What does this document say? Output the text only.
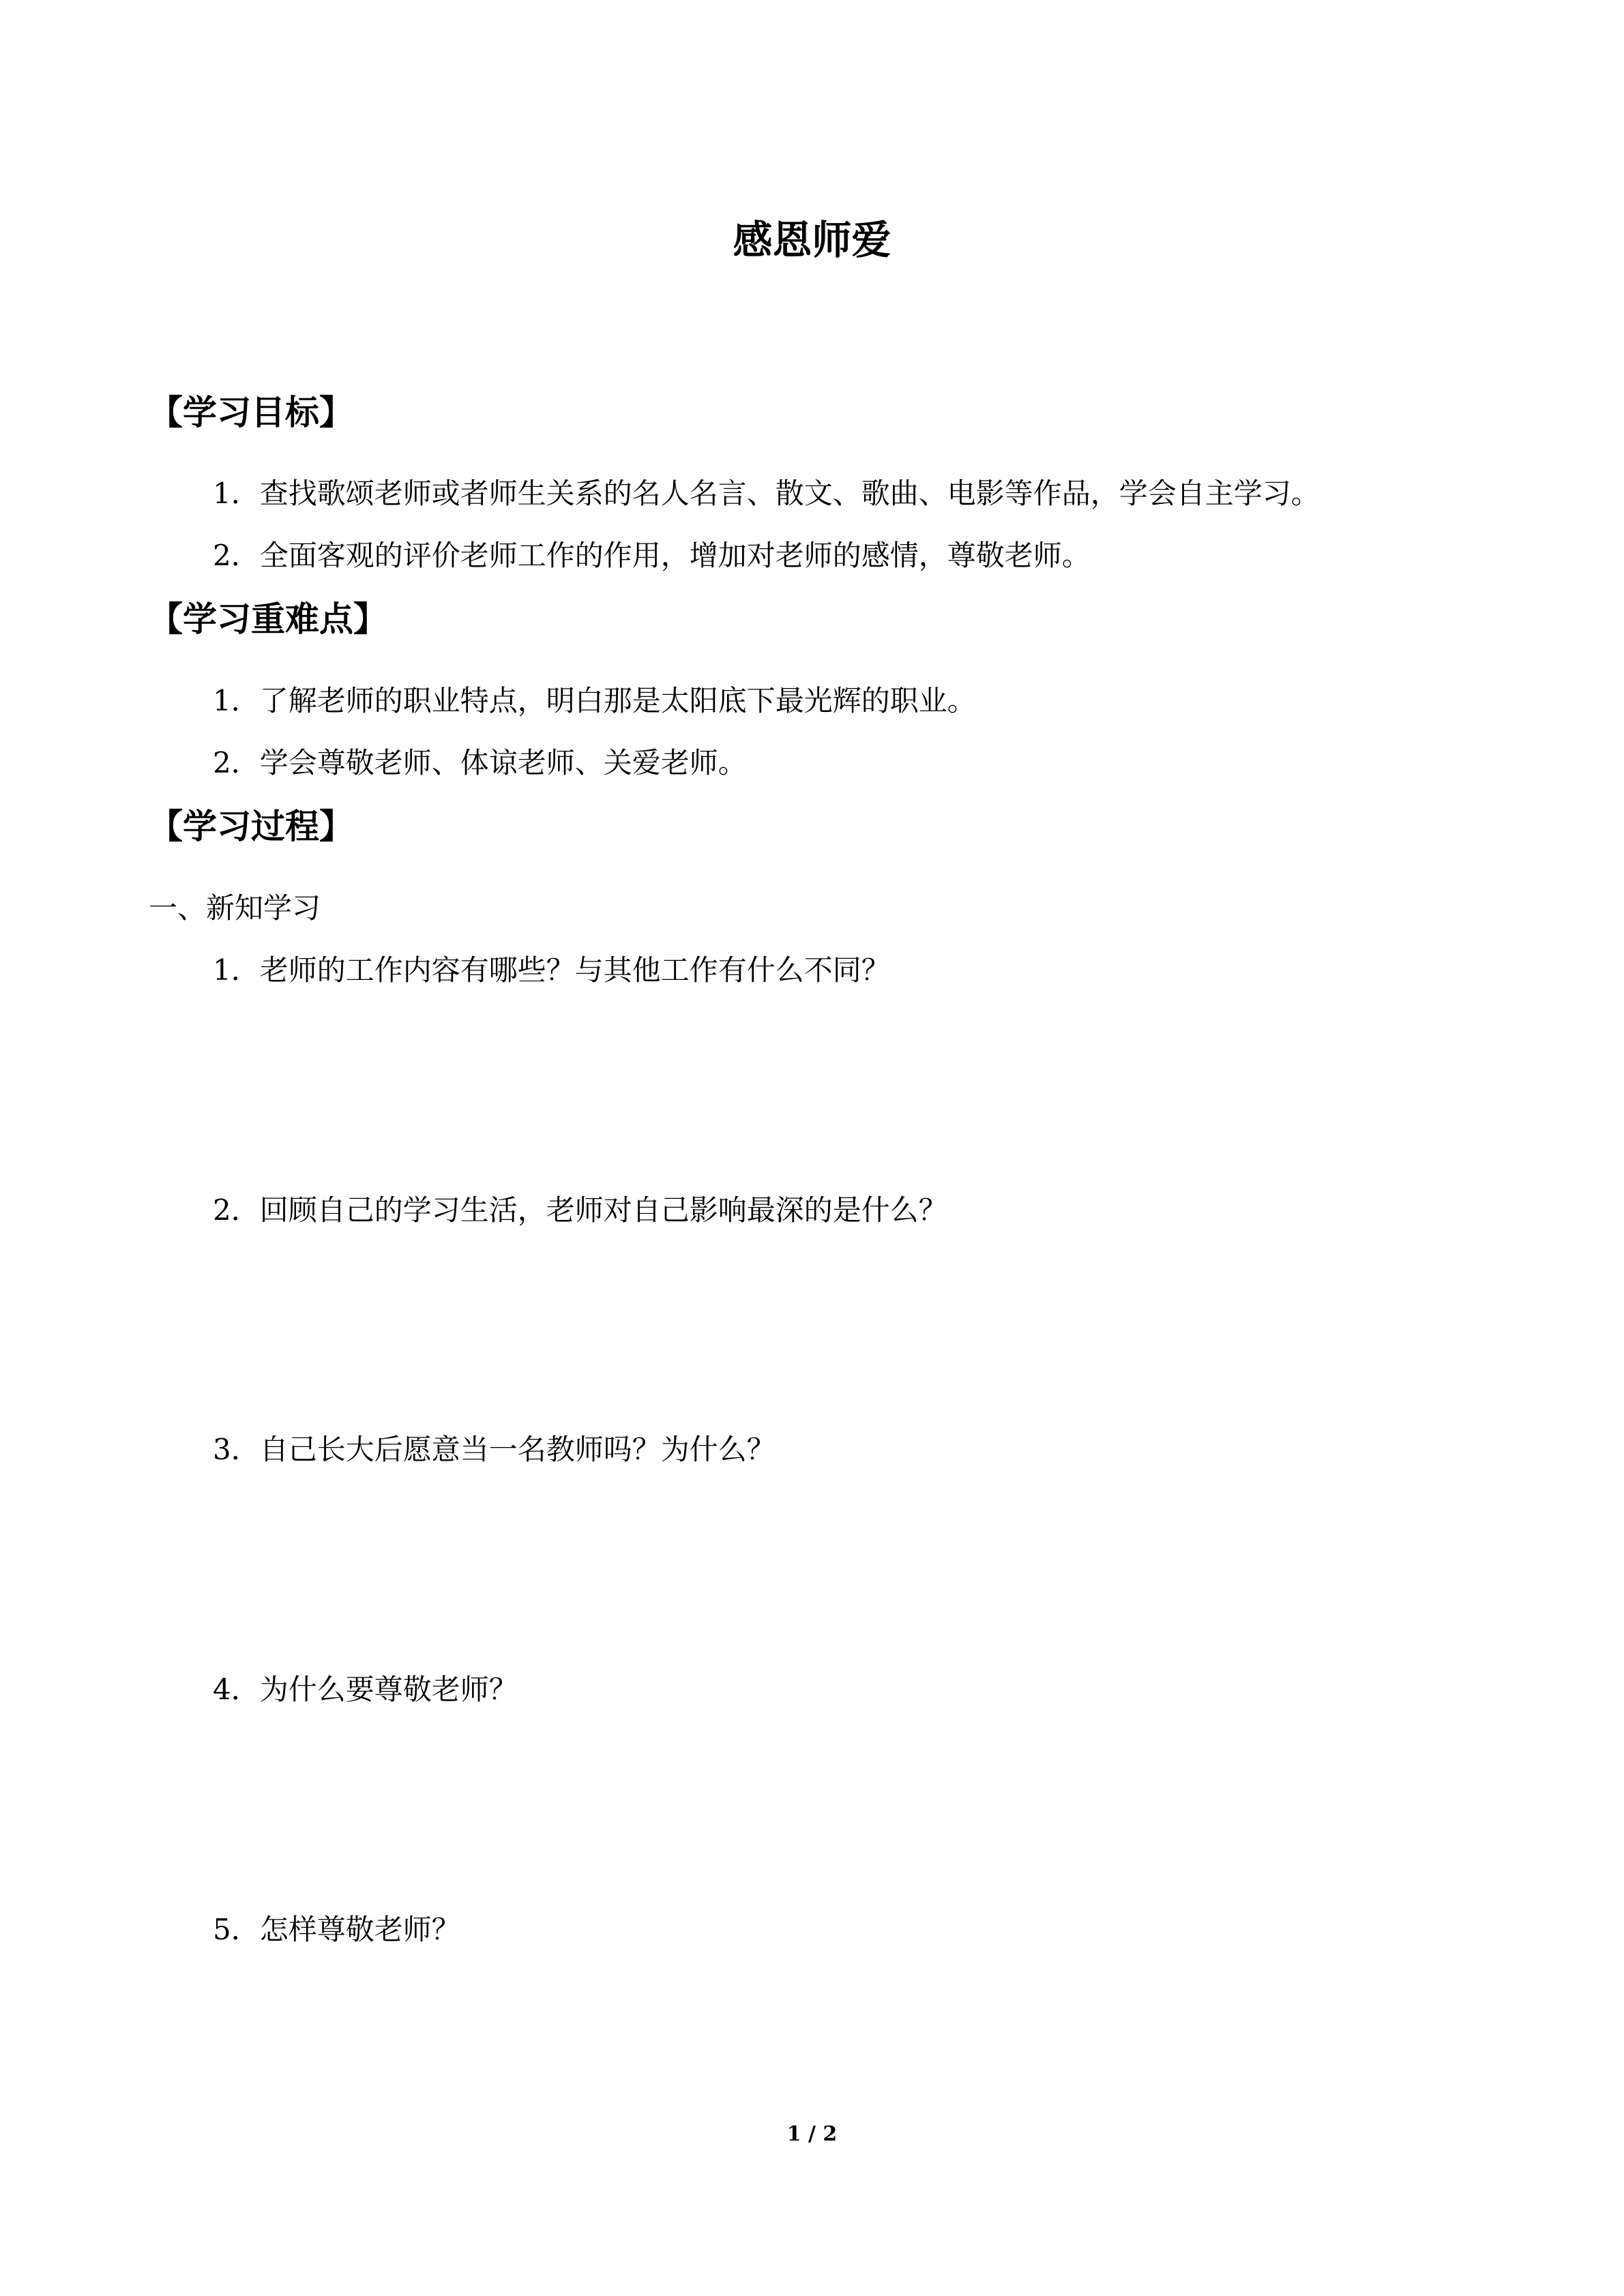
感恩师爱
【学习目标】
1．查找歌颂老师或者师生关系的名人名言、散文、歌曲、电影等作品，学会自主学习。
2．全面客观的评价老师工作的作用，增加对老师的感情，尊敬老师。
【学习重难点】
1．了解老师的职业特点，明白那是太阳底下最光辉的职业。
2．学会尊敬老师、体谅老师、关爱老师。
【学习过程】
一、新知学习
1．老师的工作内容有哪些？与其他工作有什么不同？
2．回顾自己的学习生活，老师对自己影响最深的是什么？
3．自己长大后愿意当一名教师吗？为什么？
4．为什么要尊敬老师？
5．怎样尊敬老师？
1 / 2
